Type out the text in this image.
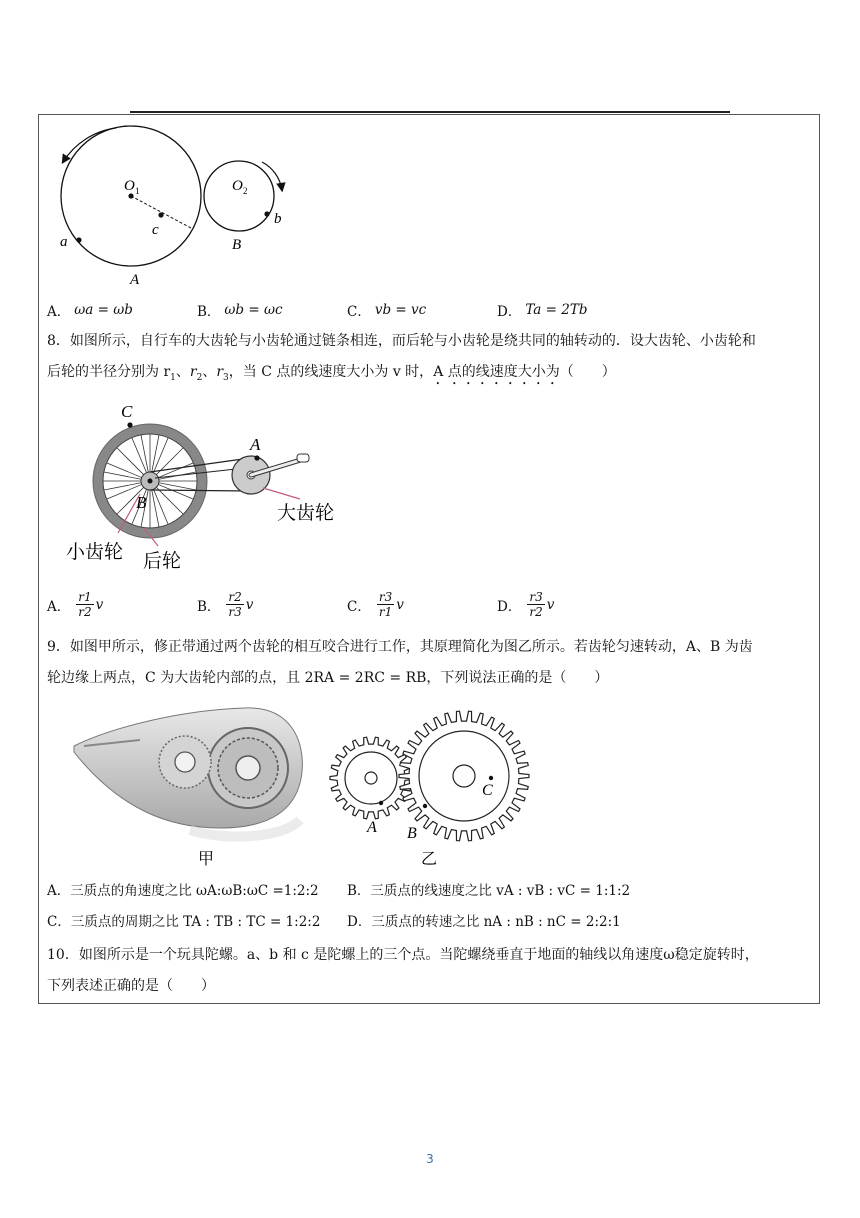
O 1	O 2
c
a
b
B
A
A． ωa = ωb	B． ωb = ωc	C． vb = vc	D． Ta = 2Tb
8．如图所示，自行车的大齿轮与小齿轮通过链条相连，而后轮与小齿轮是绕共同的轴转动的．设大齿轮、小齿轮和
后轮的半径分别为 $r_1$、$r_2$、$r_3$，当 C 点的线速度大小为 v 时，A 点的线速度大小为（　　）
C
A
B	大齿轮
小齿轮 后轮
A． $\frac{r1}{r2}$ v	B． $\frac{r2}{r3}$ v	C． $\frac{r3}{r1}$ v	D． $\frac{r3}{r2}$ v
9．如图甲所示，修正带通过两个齿轮的相互咬合进行工作，其原理简化为图乙所示。若齿轮匀速转动，A、B 为齿
轮边缘上两点，C 为大齿轮内部的点，且 2RA = 2RC = RB，下列说法正确的是（　　）
甲
A B
C
乙
A．三质点的角速度之比 ωA:ωB:ωC =1:2:2	B．三质点的线速度之比 vA : vB : vC = 1:1:2
C．三质点的周期之比 TA : TB : TC = 1:2:2	D．三质点的转速之比 nA : nB : nC = 2:2:1
10．如图所示是一个玩具陀螺。a、b 和 c 是陀螺上的三个点。当陀螺绕垂直于地面的轴线以角速度ω稳定旋转时，
下列表述正确的是（　　）
3
